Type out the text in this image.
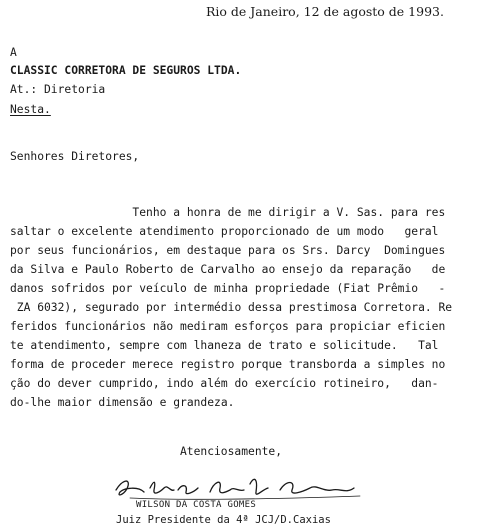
Rio de Janeiro, 12 de agosto de 1993.
A
CLASSIC CORRETORA DE SEGUROS LTDA.
At.: Diretoria
Nesta.
Senhores Diretores,
Tenho a honra de me dirigir a V. Sas. para res
saltar o excelente atendimento proporcionado de um modo   geral
por seus funcionários, em destaque para os Srs. Darcy  Domingues
da Silva e Paulo Roberto de Carvalho ao ensejo da reparação   de
danos sofridos por veículo de minha propriedade (Fiat Prêmio   -
ZA 6032), segurado por intermédio dessa prestimosa Corretora. Re
feridos funcionários não mediram esforços para propiciar eficien
te atendimento, sempre com lhaneza de trato e solicitude.   Tal
forma de proceder merece registro porque transborda a simples no
ção do dever cumprido, indo além do exercício rotineiro,   dan-
do-lhe maior dimensão e grandeza.
Atenciosamente,
WILSON DA COSTA GOMES
Juiz Presidente da 4ª JCJ/D.Caxias
